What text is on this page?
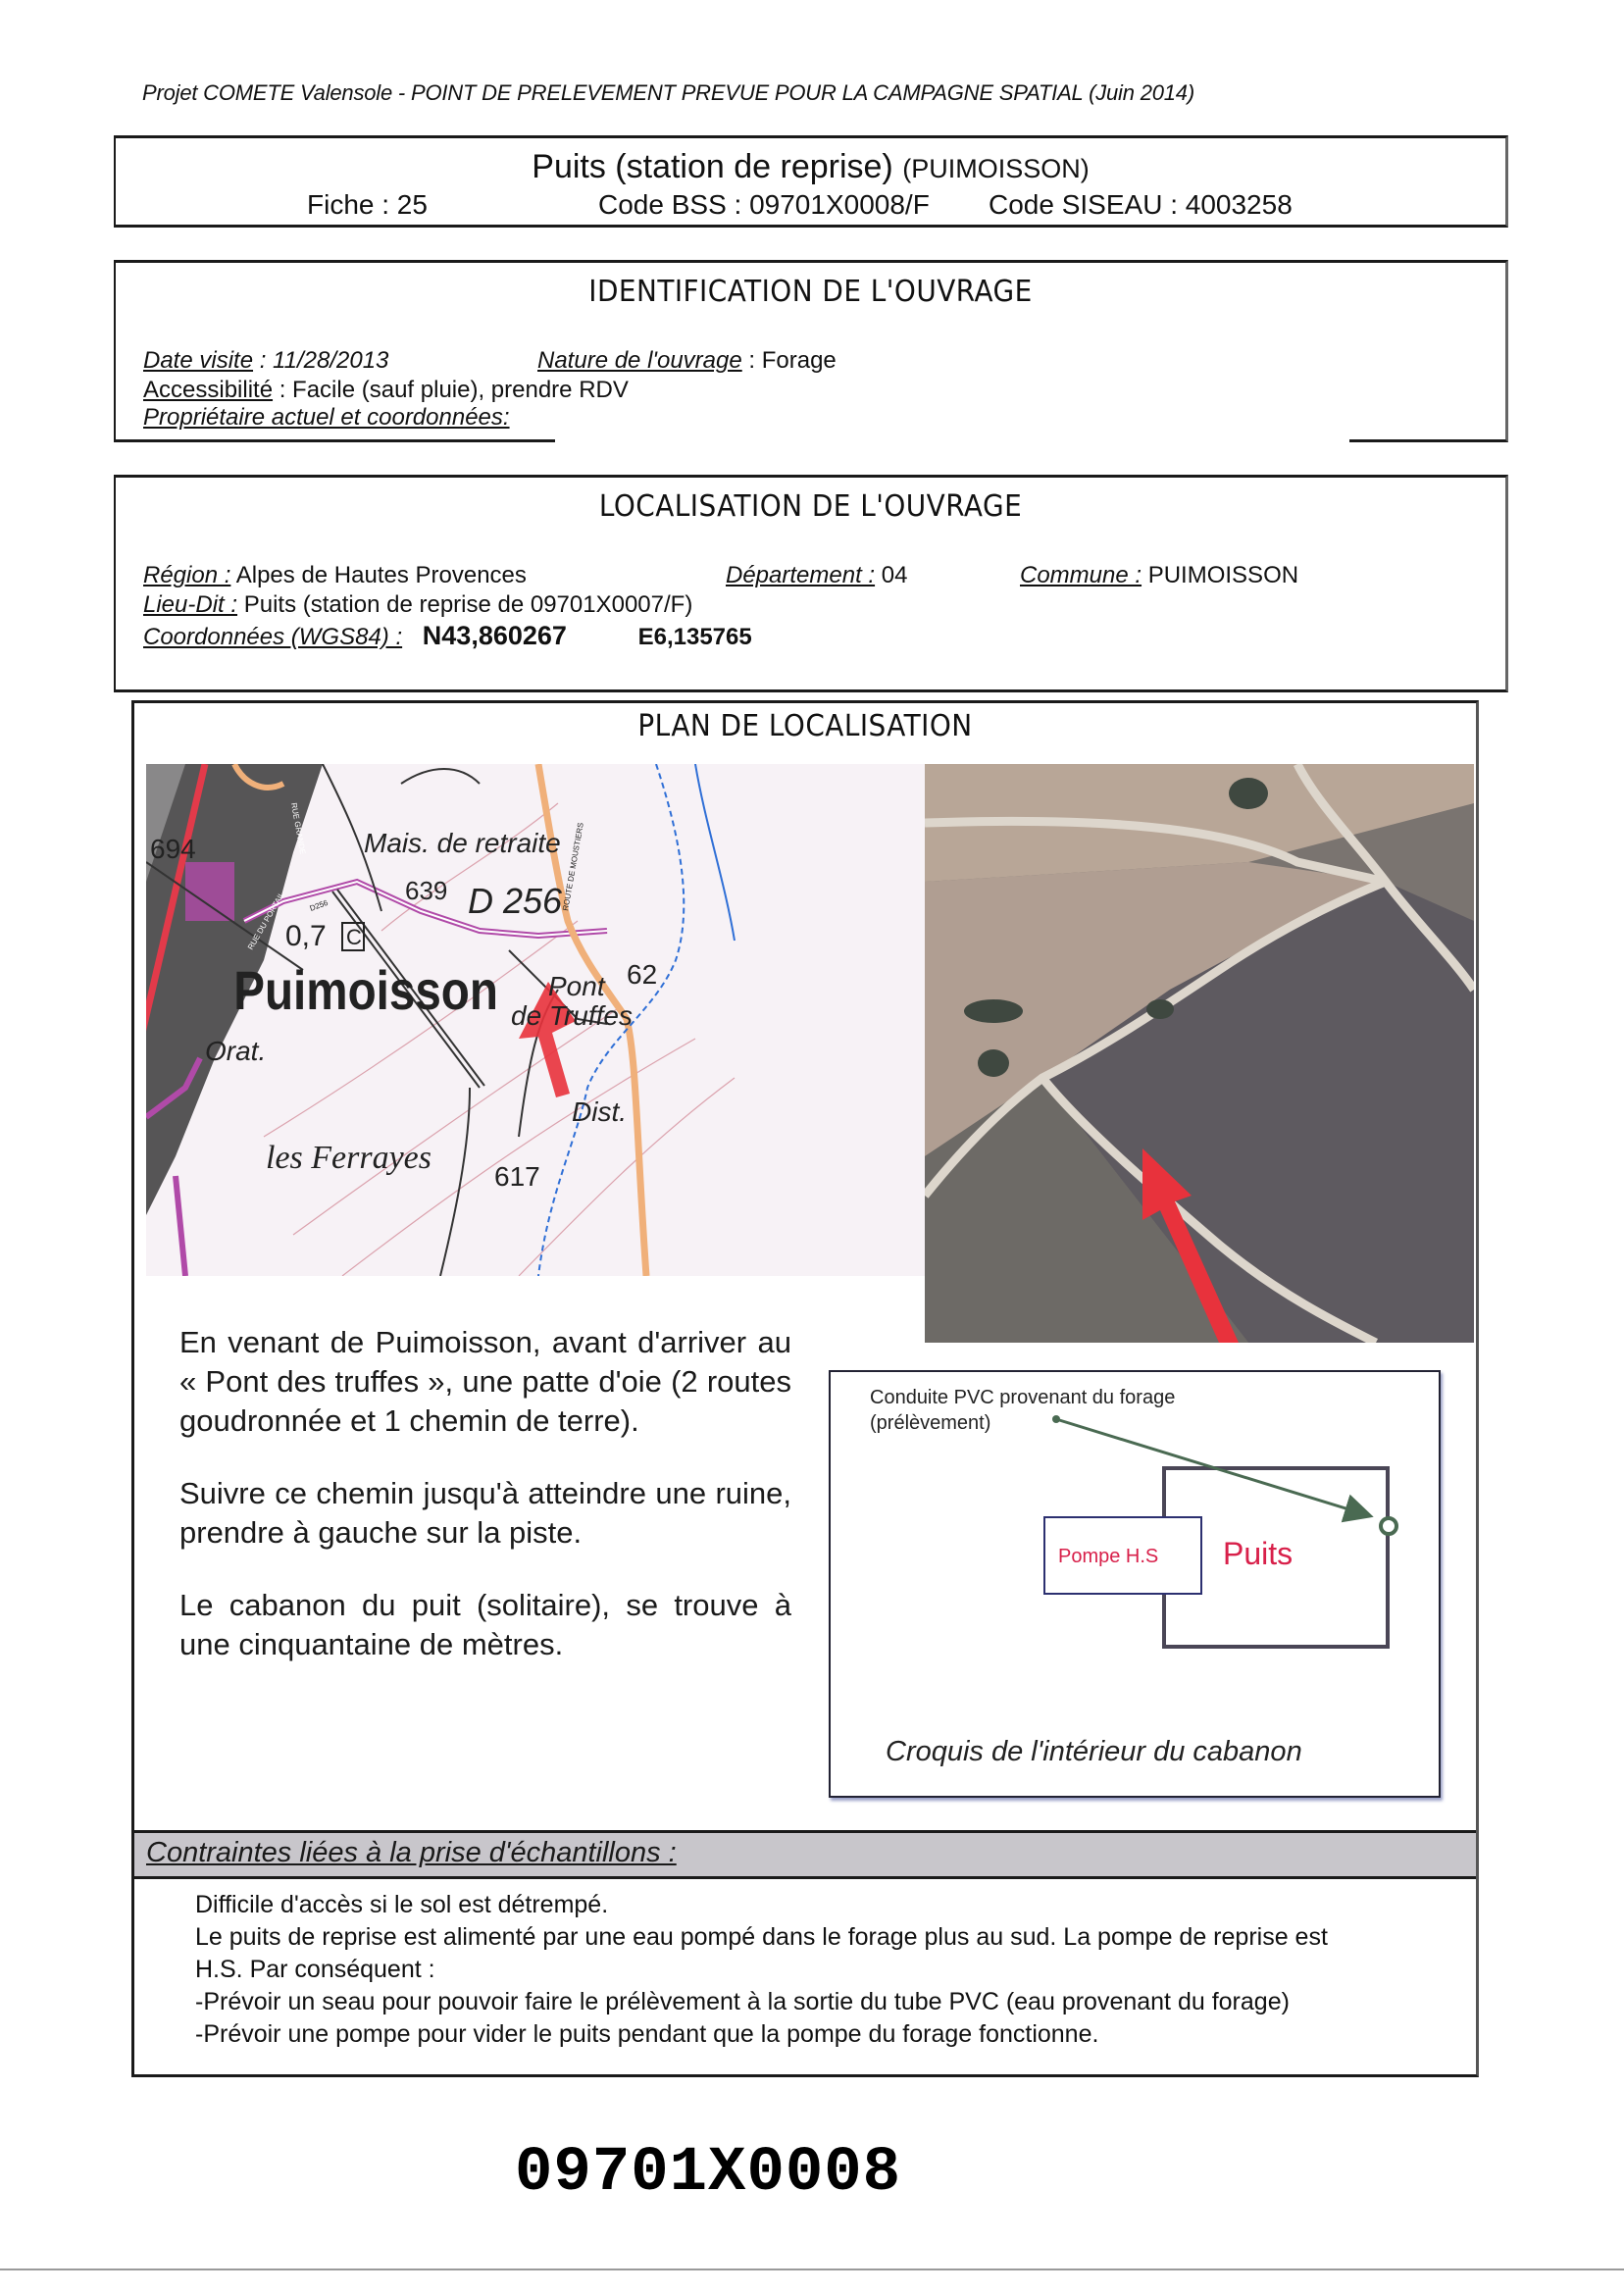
Projet COMETE Valensole - POINT DE PRELEVEMENT PREVUE POUR LA CAMPAGNE SPATIAL (Juin 2014)
Puits (station de reprise) (PUIMOISSON)
Fiche : 25	Code BSS : 09701X0008/F Code SISEAU : 4003258
IDENTIFICATION DE L'OUVRAGE
Date visite : 11/28/2013	Nature de l'ouvrage : Forage
Accessibilité : Facile (sauf pluie), prendre RDV
Propriétaire actuel et coordonnées:
LOCALISATION DE L'OUVRAGE
Région : Alpes de Hautes Provences	Département : 04	Commune : PUIMOISSON
Lieu-Dit : Puits (station de reprise de 09701X0007/F)
Coordonnées (WGS84) : N43,860267	E6,135765
PLAN DE LOCALISATION
694	Mais. de retraite
639 D 256
0,7 C
Puimoisson
Orat.
les Ferrayes
617
Pont
de Truffes
Dist.
62
ROUTE DE MOUSTIERS
RUE GRANDE
RUE DU PORTAIL	D256

En venant de Puimoisson, avant d'arriver au « Pont des truffes », une patte d'oie (2 routes goudronnée et 1 chemin de terre).

Suivre ce chemin jusqu'à atteindre une ruine, prendre à gauche sur la piste.

Le cabanon du puit (solitaire), se trouve à une cinquantaine de mètres.

Conduite PVC provenant du forage
(prélèvement)
Pompe H.S Puits
Croquis de l'intérieur du cabanon
Contraintes liées à la prise d'échantillons :
Difficile d'accès si le sol est détrempé.
Le puits de reprise est alimenté par une eau pompé dans le forage plus au sud. La pompe de reprise est
H.S. Par conséquent :
-Prévoir un seau pour pouvoir faire le prélèvement à la sortie du tube PVC (eau provenant du forage)
-Prévoir une pompe pour vider le puits pendant que la pompe du forage fonctionne.
09701X0008
